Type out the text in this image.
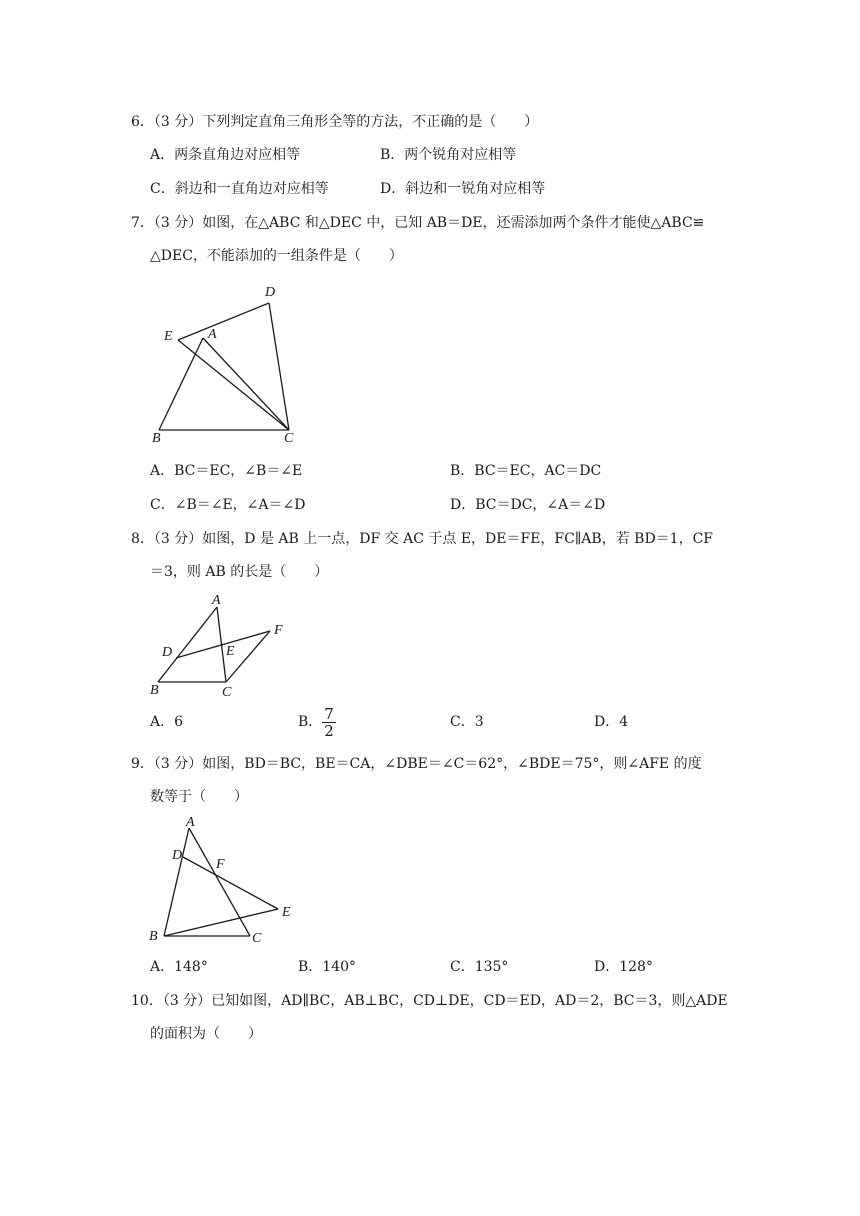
6．（3 分）下列判定直角三角形全等的方法，不正确的是（　　）
A．两条直角边对应相等	B．两个锐角对应相等
C．斜边和一直角边对应相等	D．斜边和一锐角对应相等
7．（3 分）如图，在△ABC 和△DEC 中，已知 AB＝DE，还需添加两个条件才能使△ABC≌
△DEC，不能添加的一组条件是（　　）
D
E	A
B	C
A．BC＝EC，∠B＝∠E	B．BC＝EC，AC＝DC
C．∠B＝∠E，∠A＝∠D	D．BC＝DC，∠A＝∠D
8．（3 分）如图，D 是 AB 上一点，DF 交 AC 于点 E，DE＝FE，FC∥AB，若 BD＝1，CF
＝3，则 AB 的长是（　　）
A
D	E
F
B	C
A．6	B． $\frac{7}{2}$	C．3	D．4
9．（3 分）如图，BD＝BC，BE＝CA，∠DBE＝∠C＝62°，∠BDE＝75°，则∠AFE 的度
数等于（　　）
A
D
F
E
B	C
A．148°	B．140°	C．135°	D．128°
10．（3 分）已知如图，AD∥BC，AB⊥BC，CD⊥DE，CD＝ED，AD＝2，BC＝3，则△ADE
的面积为（　　）
